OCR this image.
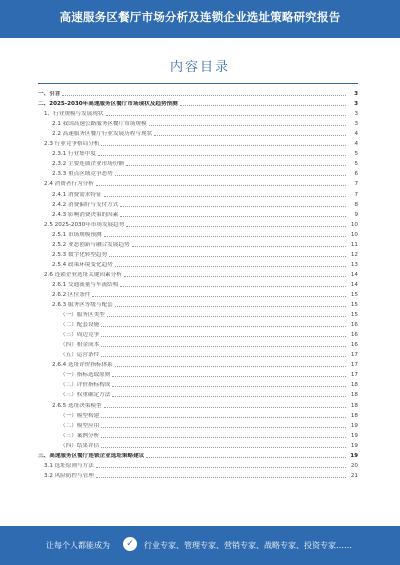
高速服务区餐厅市场分析及连锁企业选址策略研究报告
内容目录
一、引言	3
二、2025-2030年高速服务区餐厅市场现状及趋势预测	3
1、行业规模与发展现状	3
2.1 我国高速公路服务区餐厅市场规模	3
2.2 高速服务区餐厅行业发展历程与现状	4
2.3 行业竞争格局分析	4
2.3.1 行业集中度	5
2.3.2 主要连锁企业市场份额	5
2.3.3 重点区域竞争态势	6
2.4 消费者行为分析	7
2.4.1 消费需求特征	7
2.4.2 消费偏好与支付方式	8
2.4.3 影响消费决策的因素	9
2.5 2025-2030年市场发展趋势	10
2.5.1 市场规模预测	10
2.5.2 业态创新与融合发展趋势	11
2.5.3 数字化转型趋势	12
2.5.4 政策环境变化趋势	13
2.6 连锁企业选址关键因素分析	14
2.6.1 交通流量与车流结构	14
2.6.2 区位条件	15
2.6.3 服务区等级与配套	15
（一）服务区类型	15
（二）配套设施	16
（三）周边竞争	16
（四）租金成本	16
（五）运营条件	17
2.6.4 选址评价指标体系	17
（一）指标选取原则	17
（二）评价指标构成	18
（三）权重确定方法	18
2.6.5 选址决策模型	18
（一）模型构建	18
（二）模型应用	19
（三）案例分析	19
（四）结果评估	19
三、高速服务区餐厅连锁企业选址策略建议	19
3.1 选址原则与方法	20
3.2 风险防控与管理	21
让每个人都能成为	✓	行业专家、管理专家、营销专家、战略专家、投资专家……
